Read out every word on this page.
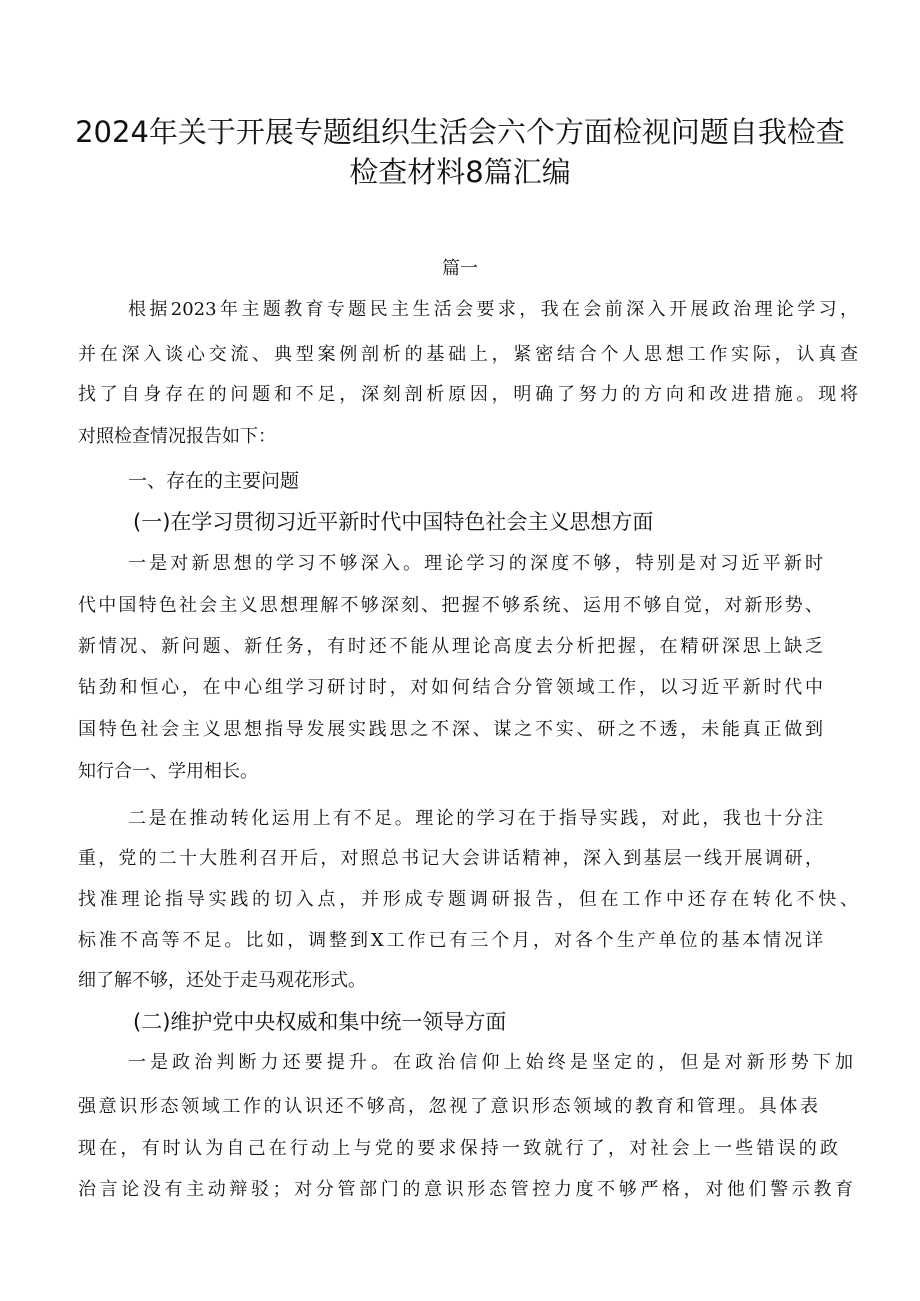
2024年关于开展专题组织生活会六个方面检视问题自我检查
检查材料8篇汇编
篇一
根据2023年主题教育专题民主生活会要求，我在会前深入开展政治理论学习，
并在深入谈心交流、典型案例剖析的基础上，紧密结合个人思想工作实际，认真查
找了自身存在的问题和不足，深刻剖析原因，明确了努力的方向和改进措施。现将
对照检查情况报告如下：
一、存在的主要问题
(一)在学习贯彻习近平新时代中国特色社会主义思想方面
一是对新思想的学习不够深入。理论学习的深度不够，特别是对习近平新时
代中国特色社会主义思想理解不够深刻、把握不够系统、运用不够自觉，对新形势、
新情况、新问题、新任务，有时还不能从理论高度去分析把握，在精研深思上缺乏
钻劲和恒心，在中心组学习研讨时，对如何结合分管领域工作，以习近平新时代中
国特色社会主义思想指导发展实践思之不深、谋之不实、研之不透，未能真正做到
知行合一、学用相长。
二是在推动转化运用上有不足。理论的学习在于指导实践，对此，我也十分注
重，党的二十大胜利召开后，对照总书记大会讲话精神，深入到基层一线开展调研，
找准理论指导实践的切入点，并形成专题调研报告，但在工作中还存在转化不快、
标准不高等不足。比如，调整到X工作已有三个月，对各个生产单位的基本情况详
细了解不够，还处于走马观花形式。
(二)维护党中央权威和集中统一领导方面
一是政治判断力还要提升。在政治信仰上始终是坚定的，但是对新形势下加
强意识形态领域工作的认识还不够高，忽视了意识形态领域的教育和管理。具体表
现在，有时认为自己在行动上与党的要求保持一致就行了，对社会上一些错误的政
治言论没有主动辩驳；对分管部门的意识形态管控力度不够严格，对他们警示教育
